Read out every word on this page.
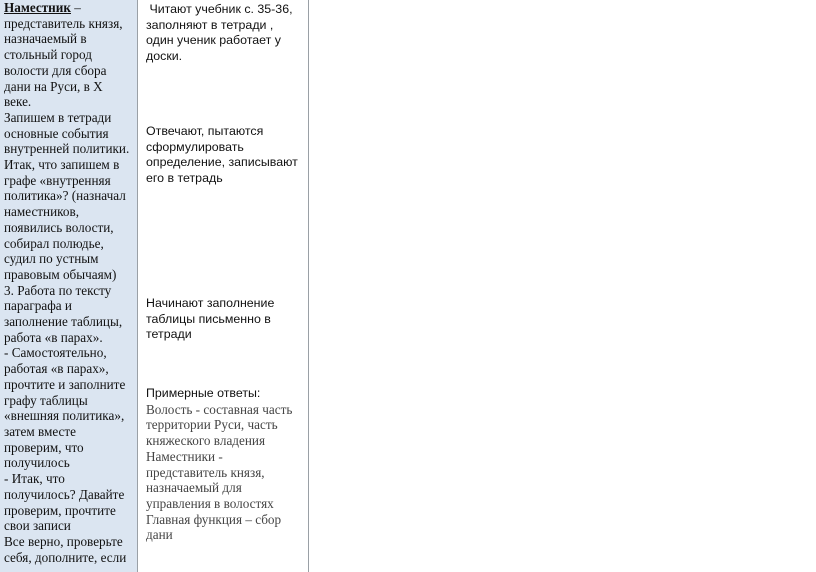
Наместник –

представитель князя,

назначаемый в

стольный город

волости для сбора

дани на Руси, в X

веке.

Запишем в тетради

основные события

внутренней политики.

Итак, что запишем в

графе «внутренняя

политика»? (назначал

наместников,

появились волости,

собирал полюдье,

судил по устным

правовым обычаям)

3. Работа по тексту

параграфа и

заполнение таблицы,

работа «в парах».

- Самостоятельно,

работая «в парах»,

прочтите и заполните

графу таблицы

«внешняя политика»,

затем вместе

проверим, что

получилось

- Итак, что

получилось? Давайте

проверим, прочтите

свои записи

Все верно, проверьте

себя, дополните, если

Читают учебник с. 35-36,

заполняют в тетради ,

один ученик работает у

доски.

Отвечают, пытаются

сформулировать

определение, записывают

его в тетрадь

Начинают заполнение

таблицы письменно в

тетради

Примерные ответы:

Волость - составная часть

территории Руси, часть

княжеского владения

Наместники -

представитель князя,

назначаемый для

управления в волостях

Главная функция – сбор

дани
